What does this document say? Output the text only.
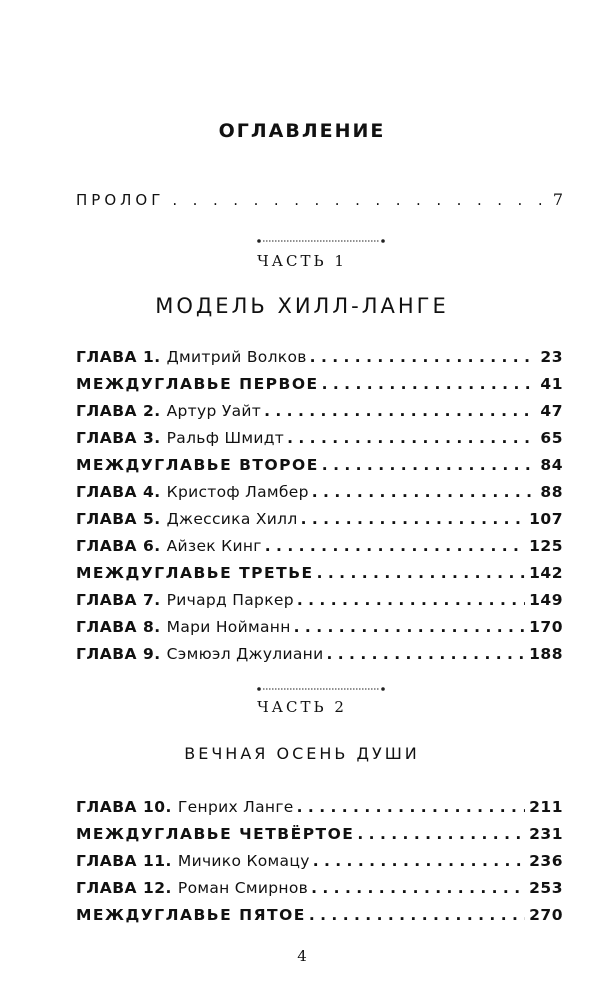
ОГЛАВЛЕНИЕ
ПРОЛОГ . .	7
ЧАСТЬ 1
МОДЕЛЬ ХИЛЛ-ЛАНГЕ
ГЛАВА 1. Дмитрий Волков . . .	23
МЕЖДУГЛАВЬЕ ПЕРВОЕ . . .	41
ГЛАВА 2. Артур Уайт . . .	47
ГЛАВА 3. Ральф Шмидт . . .	65
МЕЖДУГЛАВЬЕ ВТОРОЕ . . .	84
ГЛАВА 4. Кристоф Ламбер . . .	88
ГЛАВА 5. Джессика Хилл . . .	107
ГЛАВА 6. Айзек Кинг . . .	125
МЕЖДУГЛАВЬЕ ТРЕТЬЕ . . .	142
ГЛАВА 7. Ричард Паркер . . .	149
ГЛАВА 8. Мари Нойманн . . .	170
ГЛАВА 9. Сэмюэл Джулиани . . .	188
ЧАСТЬ 2
ВЕЧНАЯ ОСЕНЬ ДУШИ
ГЛАВА 10. Генрих Ланге . . .	211
МЕЖДУГЛАВЬЕ ЧЕТВЁРТОЕ . . .	231
ГЛАВА 11. Мичико Комацу . . .	236
ГЛАВА 12. Роман Смирнов . . .	253
МЕЖДУГЛАВЬЕ ПЯТОЕ . . .	270
4
